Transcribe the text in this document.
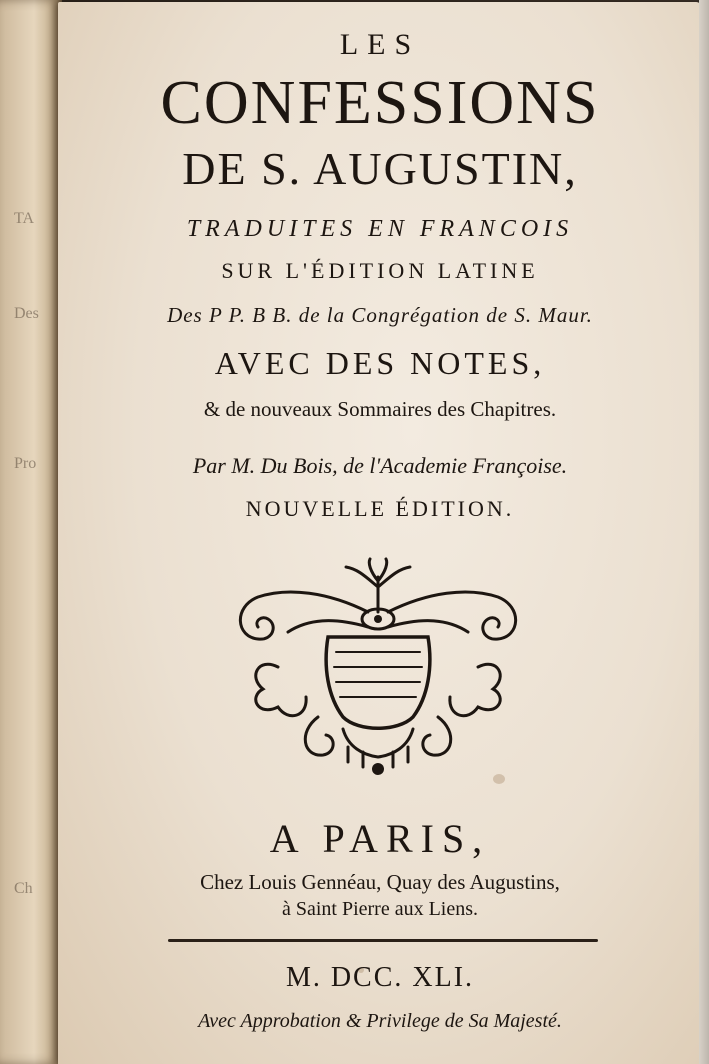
TA
Des
Pro
Ch
LES
CONFESSIONS
DE S. AUGUSTIN,
TRADUITES EN FRANCOIS
SUR L'ÉDITION LATINE
Des P P. B B. de la Congrégation de S. Maur.
AVEC DES NOTES,
& de nouveaux Sommaires des Chapitres.
Par M. Du Bois, de l'Academie Françoise.
NOUVELLE ÉDITION.
A PARIS,
Chez Louis Gennéau, Quay des Augustins,
à Saint Pierre aux Liens.
M. DCC. XLI.
Avec Approbation & Privilege de Sa Majesté.
